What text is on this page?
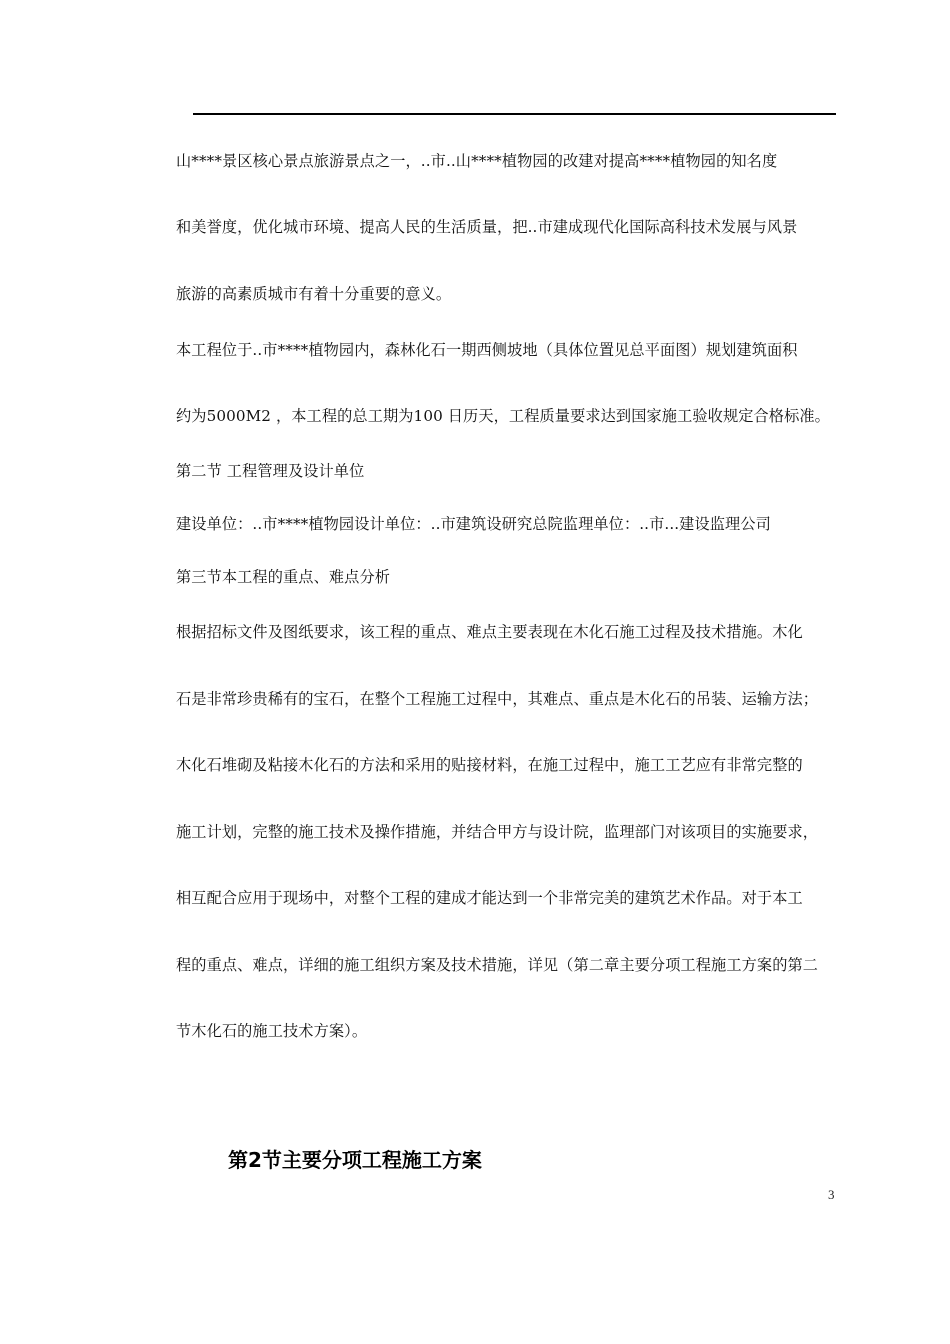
山****景区核心景点旅游景点之一，..市..山****植物园的改建对提高****植物园的知名度
和美誉度，优化城市环境、提高人民的生活质量，把..市建成现代化国际高科技术发展与风景
旅游的高素质城市有着十分重要的意义。
本工程位于..市****植物园内，森林化石一期西侧坡地（具体位置见总平面图）规划建筑面积
约为5000M2 ，本工程的总工期为100 日历天，工程质量要求达到国家施工验收规定合格标准。
第二节 工程管理及设计单位
建设单位：..市****植物园设计单位：..市建筑设研究总院监理单位：..市...建设监理公司
第三节本工程的重点、难点分析
根据招标文件及图纸要求，该工程的重点、难点主要表现在木化石施工过程及技术措施。木化
石是非常珍贵稀有的宝石，在整个工程施工过程中，其难点、重点是木化石的吊装、运输方法；
木化石堆砌及粘接木化石的方法和采用的贴接材料，在施工过程中，施工工艺应有非常完整的
施工计划，完整的施工技术及操作措施，并结合甲方与设计院，监理部门对该项目的实施要求，
相互配合应用于现场中，对整个工程的建成才能达到一个非常完美的建筑艺术作品。对于本工
程的重点、难点，详细的施工组织方案及技术措施，详见（第二章主要分项工程施工方案的第二
节木化石的施工技术方案）。
第2节主要分项工程施工方案
3
